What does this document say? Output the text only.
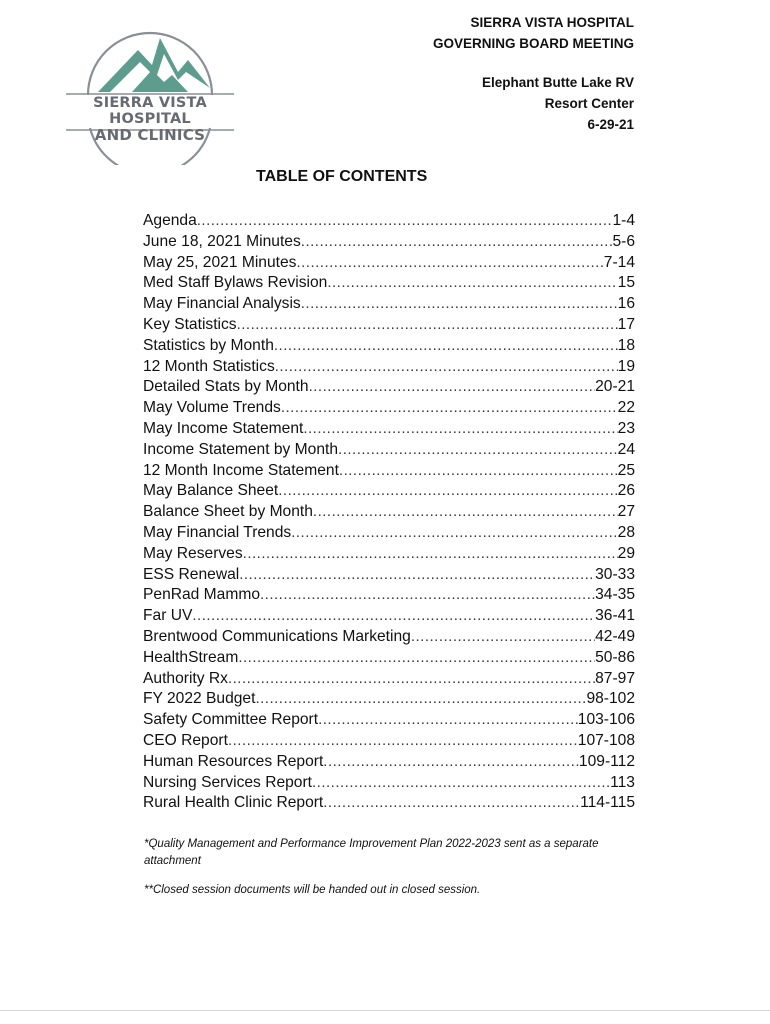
SIERRA VISTA HOSPITAL
AND CLINICS
SIERRA VISTA HOSPITAL
GOVERNING BOARD MEETING
Elephant Butte Lake RV
Resort Center
6-29-21
TABLE OF CONTENTS
Agenda .....	1-4
June 18, 2021 Minutes .....	5-6
May 25, 2021 Minutes .....	7-14
Med Staff Bylaws Revision .....	15
May Financial Analysis .....	16
Key Statistics .....	17
Statistics by Month .....	18
12 Month Statistics .....	19
Detailed Stats by Month .....	20-21
May Volume Trends .....	22
May Income Statement .....	23
Income Statement by Month .....	24
12 Month Income Statement .....	25
May Balance Sheet .....	26
Balance Sheet by Month .....	27
May Financial Trends .....	28
May Reserves .....	29
ESS Renewal .....	30-33
PenRad Mammo .....	34-35
Far UV .....	36-41
Brentwood Communications Marketing .....	42-49
HealthStream .....	50-86
Authority Rx .....	87-97
FY 2022 Budget .....	98-102
Safety Committee Report .....	103-106
CEO Report .....	107-108
Human Resources Report .....	109-112
Nursing Services Report .....	113
Rural Health Clinic Report .....	114-115
*Quality Management and Performance Improvement Plan 2022-2023 sent as a separate attachment
**Closed session documents will be handed out in closed session.
